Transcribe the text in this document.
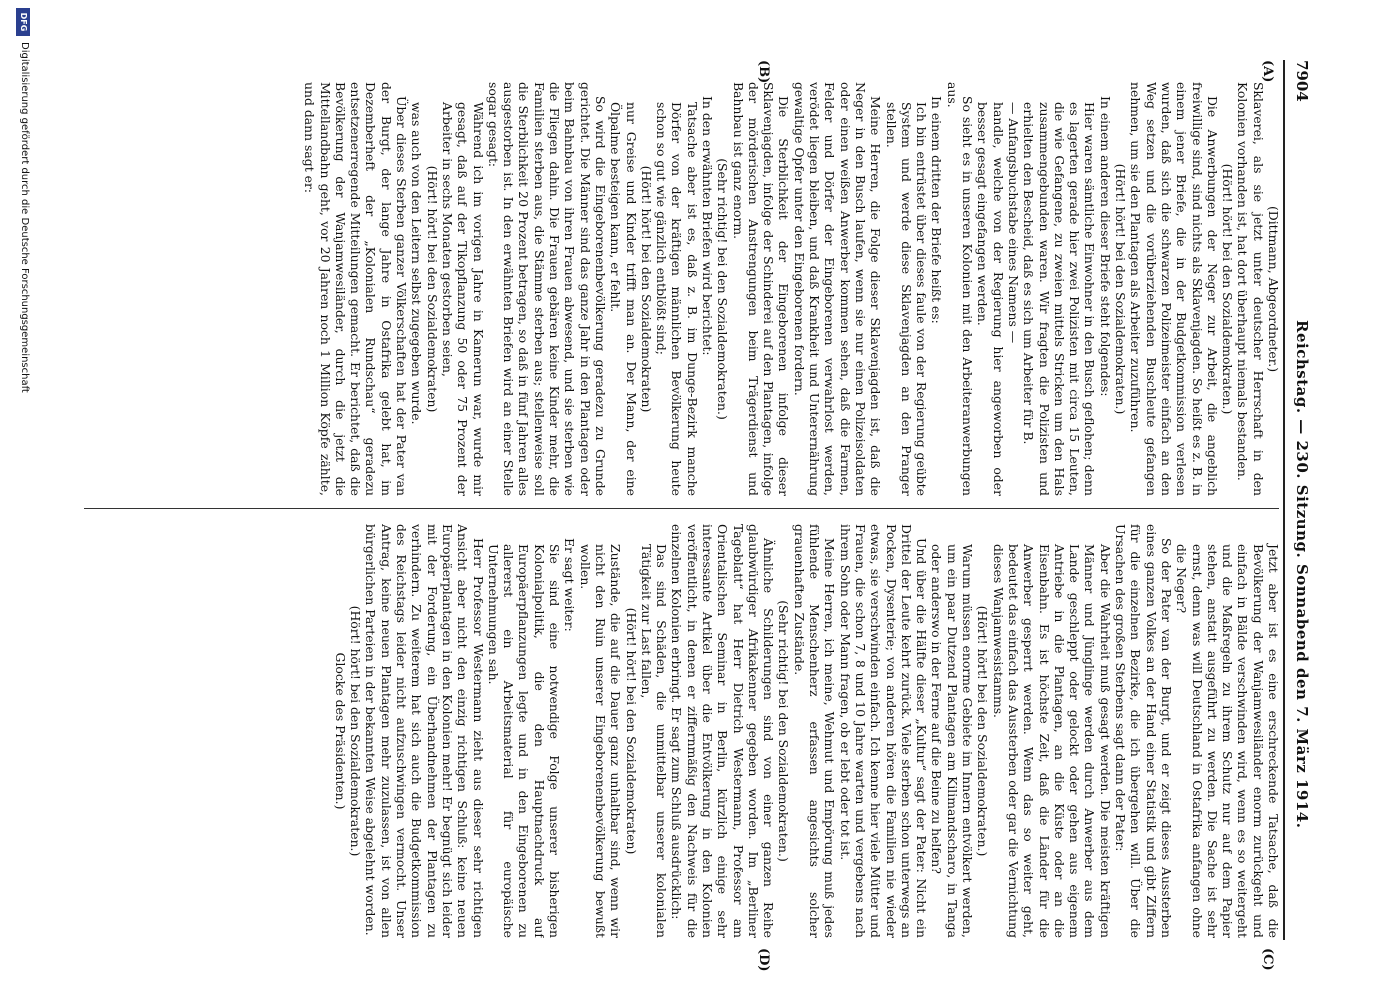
7904
Reichstag. — 230. Sitzung. Sonnabend den 7. März 1914.
(A)
(B)
(C)
(D)

(Dittmann, Abgeordneter.)

Sklaverei, als sie jetzt unter deutscher Herrschaft in den Kolonien vorhanden ist, hat dort überhaupt niemals bestanden.

(Hört! hört! bei den Sozialdemokraten.)

Die Anwerbungen der Neger zur Arbeit, die angeblich freiwillige sind, sind nichts als Sklavenjagden. So heißt es z. B. in einem jener Briefe, die in der Budgetkommission verlesen wurden, daß sich die schwarzen Polizeimeister einfach an den Weg setzen und die vorüberziehenden Buschleute gefangen nehmen, um sie den Plantagen als Arbeiter zuzuführen.

(Hört! hört! bei den Sozialdemokraten.)

In einem anderen dieser Briefe steht folgendes:

Hier waren sämtliche Einwohner in den Busch geflohen; denn es lagerten gerade hier zwei Polizisten mit circa 15 Leuten, die wie Gefangene, zu zweien mittels Stricken um den Hals zusammengebunden waren. Wir fragten die Polizisten und erhielten den Bescheid, daß es sich um Arbeiter für B.

— Anfangsbuchstabe eines Namens —

handle, welche von der Regierung hier angeworben oder besser gesagt eingefangen werden.

So sieht es in unseren Kolonien mit den Arbeiteranwerbungen aus.

In einem dritten der Briefe heißt es:

Ich bin entrüstet über dieses faule von der Regierung geübte System und werde diese Sklavenjagden an den Pranger stellen.

Meine Herren, die Folge dieser Sklavenjagden ist, daß die Neger in den Busch laufen, wenn sie nur einen Polizeisoldaten oder einen weißen Anwerber kommen sehen, daß die Farmen, Felder und Dörfer der Eingeborenen verwahrlost werden, verödet liegen bleiben, und daß Krankheit und Unterernährung gewaltige Opfer unter den Eingeborenen fordern.

Die Sterblichkeit der Eingeborenen infolge dieser Sklavenjagden, infolge der Schinderei auf den Plantagen, infolge der mörderischen Anstrengungen beim Trägerdienst und Bahnbau ist ganz enorm.

(Sehr richtig! bei den Sozialdemokraten.)

In den erwähnten Briefen wird berichtet:

Tatsache aber ist es, daß z. B. im Dunge-Bezirk manche Dörfer von der kräftigen männlichen Bevölkerung heute schon so gut wie gänzlich entblößt sind;

(Hört! hört! bei den Sozialdemokraten)

nur Greise und Kinder trifft man an. Der Mann, der eine Ölpalme besteigen kann, er fehlt.

So wird die Eingeborenenbevölkerung geradezu zu Grunde gerichtet. Die Männer sind das ganze Jahr in den Plantagen oder beim Bahnbau von ihren Frauen abwesend, und sie sterben wie die Fliegen dahin. Die Frauen gebären keine Kinder mehr, die Familien sterben aus, die Stämme sterben aus; stellenweise soll die Sterblichkeit 20 Prozent betragen, so daß in fünf Jahren alles ausgestorben ist. In den erwähnten Briefen wird an einer Stelle sogar gesagt:

Während ich im vorigen Jahre in Kamerun war, wurde mir gesagt, daß auf der Tikopflanzung 50 oder 75 Prozent der Arbeiter in sechs Monaten gestorben seien,

(Hört! hört! bei den Sozialdemokraten)

was auch von den Leitern selbst zugegeben wurde.

Über dieses Sterben ganzer Völkerschaften hat der Pater van der Burgt, der lange Jahre in Ostafrika gelebt hat, im Dezemberheft der „Kolonialen Rundschau“ geradezu entsetzenerregende Mitteilungen gemacht. Er berichtet, daß die Bevölkerung der Wanjamwesiländer, durch die jetzt die Mittellandbahn geht, vor 20 Jahren noch 1 Million Köpfe zählte, und dann sagt er:

Jetzt aber ist es eine erschreckende Tatsache, daß die Bevölkerung der Wanjamwesiländer enorm zurückgeht und einfach in Bälde verschwinden wird, wenn es so weitergeht und die Maßregeln zu ihrem Schutz nur auf dem Papier stehen, anstatt ausgeführt zu werden. Die Sache ist sehr ernst, denn was will Deutschland in Ostafrika anfangen ohne die Neger?

So der Pater van der Burgt, und er zeigt dieses Aussterben eines ganzen Volkes an der Hand einer Statistik und gibt Ziffern für die einzelnen Bezirke, die ich übergehen will. Über die Ursachen des großen Sterbens sagt dann der Pater:

Aber die Wahrheit muß gesagt werden. Die meisten kräftigen Männer und Jünglinge werden durch Anwerber aus dem Lande geschleppt oder gelockt oder gehen aus eigenem Antriebe in die Plantagen, an die Küste oder an die Eisenbahn. Es ist höchste Zeit, daß die Länder für die Anwerber gesperrt werden. Wenn das so weiter geht, bedeutet das einfach das Aussterben oder gar die Vernichtung dieses Wanjamwesistamms.

(Hört! hört! bei den Sozialdemokraten.)

Warum müssen enorme Gebiete im Innern entvölkert werden, um ein paar Dutzend Plantagen am Kilimandscharo, in Tanga oder anderswo in der Ferne auf die Beine zu helfen?

Und über die Hälfte dieser „Kultur“ sagt der Pater: Nicht ein Drittel der Leute kehrt zurück. Viele sterben schon unterwegs an Pocken, Dysenterie; von anderen hören die Familien nie wieder etwas, sie verschwinden einfach. Ich kenne hier viele Mütter und Frauen, die schon 7, 8 und 10 Jahre warten und vergebens nach ihrem Sohn oder Mann fragen, ob er lebt oder tot ist.

Meine Herren, ich meine, Wehmut und Empörung muß jedes fühlende Menschenherz erfassen angesichts solcher grauenhaften Zustände.

(Sehr richtig! bei den Sozialdemokraten.)

Ähnliche Schilderungen sind von einer ganzen Reihe glaubwürdiger Afrikakenner gegeben worden. Im „Berliner Tageblatt“ hat Herr Dietrich Westermann, Professor am Orientalischen Seminar in Berlin, kürzlich einige sehr interessante Artikel über die Entvölkerung in den Kolonien veröffentlicht, in denen er ziffernmäßig den Nachweis für die einzelnen Kolonien erbringt. Er sagt zum Schluß ausdrücklich:

Das sind Schäden, die unmittelbar unserer kolonialen Tätigkeit zur Last fallen,

(Hört! hört! bei den Sozialdemokraten)

Zustände, die auf die Dauer ganz unhaltbar sind, wenn wir nicht den Ruin unserer Eingeborenenbevölkerung bewußt wollen.

Er sagt weiter:

Sie sind eine notwendige Folge unserer bisherigen Kolonialpolitik, die den Hauptnachdruck auf Europäerpflanzungen legte und in den Eingeborenen zu allererst ein Arbeitsmaterial für europäische Unternehmungen sah.

Herr Professor Westermann zieht aus dieser sehr richtigen Ansicht aber nicht den einzig richtigen Schluß: keine neuen Europäerplantagen in den Kolonien mehr! Er begnügt sich leider mit der Forderung, ein Überhandnehmen der Plantagen zu verhindern. Zu weiterem hat sich auch die Budgetkommission des Reichstags leider nicht aufzuschwingen vermocht. Unser Antrag, keine neuen Plantagen mehr zuzulassen, ist von allen bürgerlichen Parteien in der bekannten Weise abgelehnt worden.

(Hört! hört! bei den Sozialdemokraten.)

Glocke des Präsidenten.)

DFG
Digitalisierung gefördert durch die Deutsche Forschungsgemeinschaft
